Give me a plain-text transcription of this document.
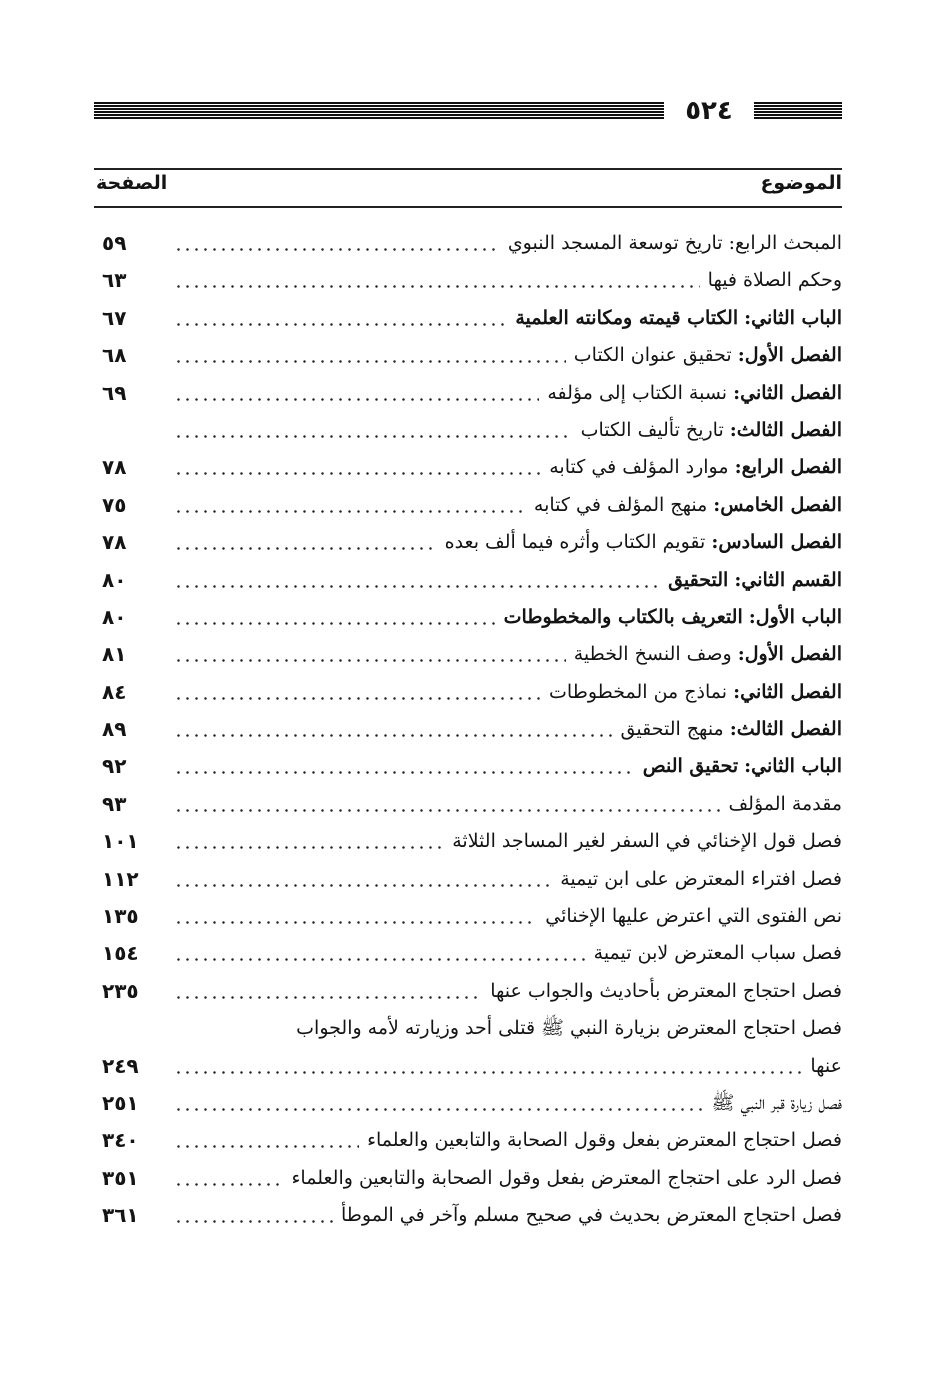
٥٢٤
الموضوع
الصفحة
٥٩	المبحث الرابع: تاريخ توسعة المسجد النبوي
٦٣	وحكم الصلاة فيها
٦٧	الباب الثاني: الكتاب قيمته ومكانته العلمية
٦٨	الفصل الأول: تحقيق عنوان الكتاب
٦٩	الفصل الثاني: نسبة الكتاب إلى مؤلفه
الفصل الثالث: تاريخ تأليف الكتاب
٧٨	الفصل الرابع: موارد المؤلف في كتابه
٧٥	الفصل الخامس: منهج المؤلف في كتابه
٧٨	الفصل السادس: تقويم الكتاب وأثره فيما ألف بعده
٨٠	القسم الثاني: التحقيق
٨٠	الباب الأول: التعريف بالكتاب والمخطوطات
٨١	الفصل الأول: وصف النسخ الخطية
٨٤	الفصل الثاني: نماذج من المخطوطات
٨٩	الفصل الثالث: منهج التحقيق
٩٢	الباب الثاني: تحقيق النص
٩٣	مقدمة المؤلف
١٠١	فصل قول الإخنائي في السفر لغير المساجد الثلاثة
١١٢	فصل افتراء المعترض على ابن تيمية
١٣٥	نص الفتوى التي اعترض عليها الإخنائي
١٥٤	فصل سباب المعترض لابن تيمية
٢٣٥	فصل احتجاج المعترض بأحاديث والجواب عنها
فصل احتجاج المعترض بزيارة النبي ﷺ قتلى أحد وزيارته لأمه والجواب
٢٤٩	عنها
٢٥١	فصل زيارة قبر النبي ﷺ
٣٤٠	فصل احتجاج المعترض بفعل وقول الصحابة والتابعين والعلماء
٣٥١	فصل الرد على احتجاج المعترض بفعل وقول الصحابة والتابعين والعلماء
٣٦١	فصل احتجاج المعترض بحديث في صحيح مسلم وآخر في الموطأ
